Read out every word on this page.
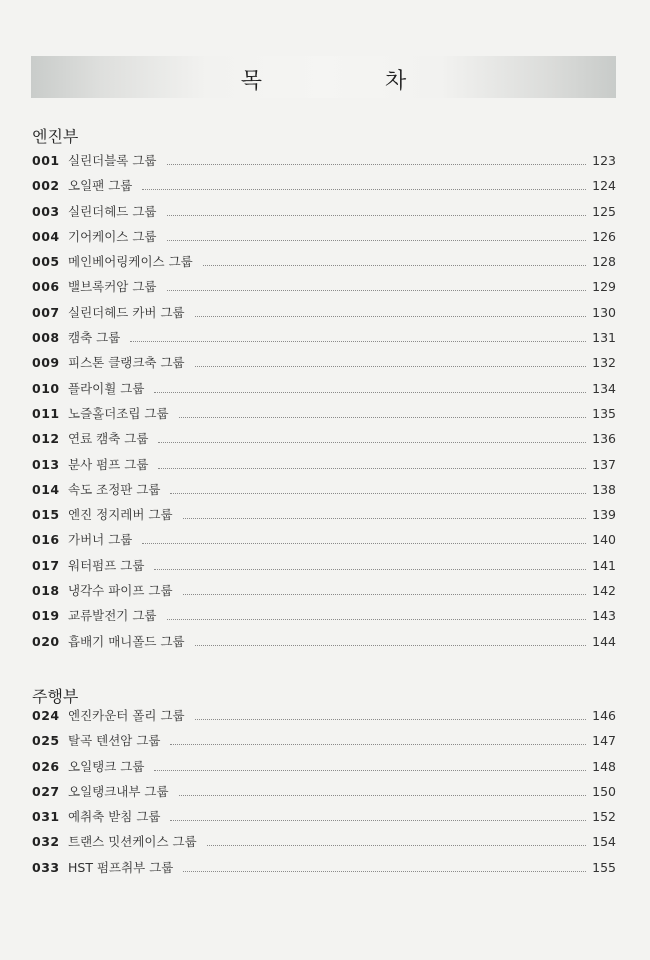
목 차
엔진부
001 실린더블록 그룹	123
002 오일팬 그룹	124
003 실린더헤드 그룹	125
004 기어케이스 그룹	126
005 메인베어링케이스 그룹	128
006 밸브록커암 그룹	129
007 실린더헤드 카버 그룹	130
008 캠축 그룹	131
009 피스톤 클랭크축 그룹	132
010 플라이휠 그룹	134
011 노즐홀더조립 그룹	135
012 연료 캠축 그룹	136
013 분사 펌프 그룹	137
014 속도 조정판 그룹	138
015 엔진 정지레버 그룹	139
016 가버너 그룹	140
017 워터펌프 그룹	141
018 냉각수 파이프 그룹	142
019 교류발전기 그룹	143
020 흡배기 매니폴드 그룹	144
주행부
024 엔진카운터 폴리 그룹	146
025 탈곡 텐션암 그룹	147
026 오일탱크 그룹	148
027 오일탱크내부 그룹	150
031 예취축 받침 그룹	152
032 트랜스 밋션케이스 그룹	154
033 HST 펌프취부 그룹	155
